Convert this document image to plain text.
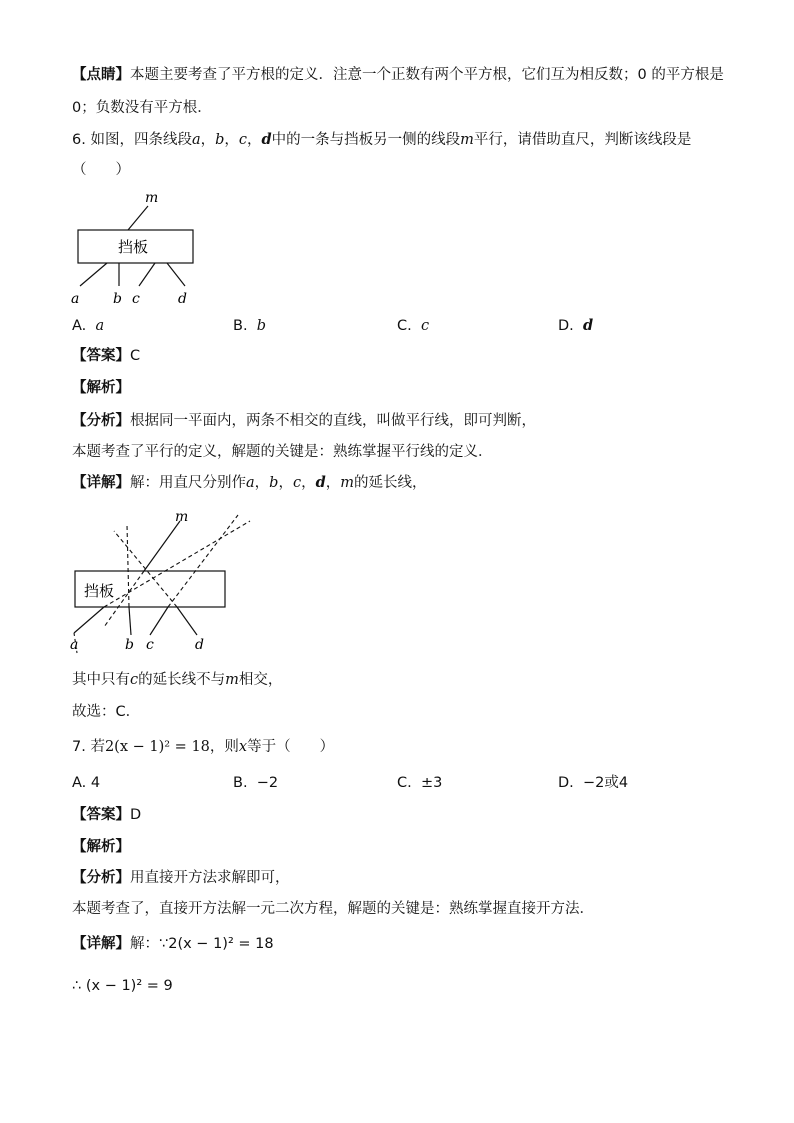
【点睛】本题主要考查了平方根的定义．注意一个正数有两个平方根，它们互为相反数；0 的平方根是
0；负数没有平方根．
6. 如图，四条线段a，b，c，d中的一条与挡板另一侧的线段m平行，请借助直尺，判断该线段是
（　　）
挡板
m
a b c	d
A. a	B. b	C. c	D. d
【答案】C
【解析】
【分析】根据同一平面内，两条不相交的直线，叫做平行线，即可判断，
本题考查了平行的定义，解题的关键是：熟练掌握平行线的定义．
【详解】解：用直尺分别作a，b，c，d，m的延长线，
挡板
m
a	b c	d
其中只有c的延长线不与m相交，
故选：C．
7. 若2(x − 1)² = 18，则x等于（　　）
A. 4	B. −2	C. ±3	D. −2或4
【答案】D
【解析】
【分析】用直接开方法求解即可，
本题考查了，直接开方法解一元二次方程，解题的关键是：熟练掌握直接开方法．
【详解】解：∵2(x − 1)² = 18
∴ (x − 1)² = 9
